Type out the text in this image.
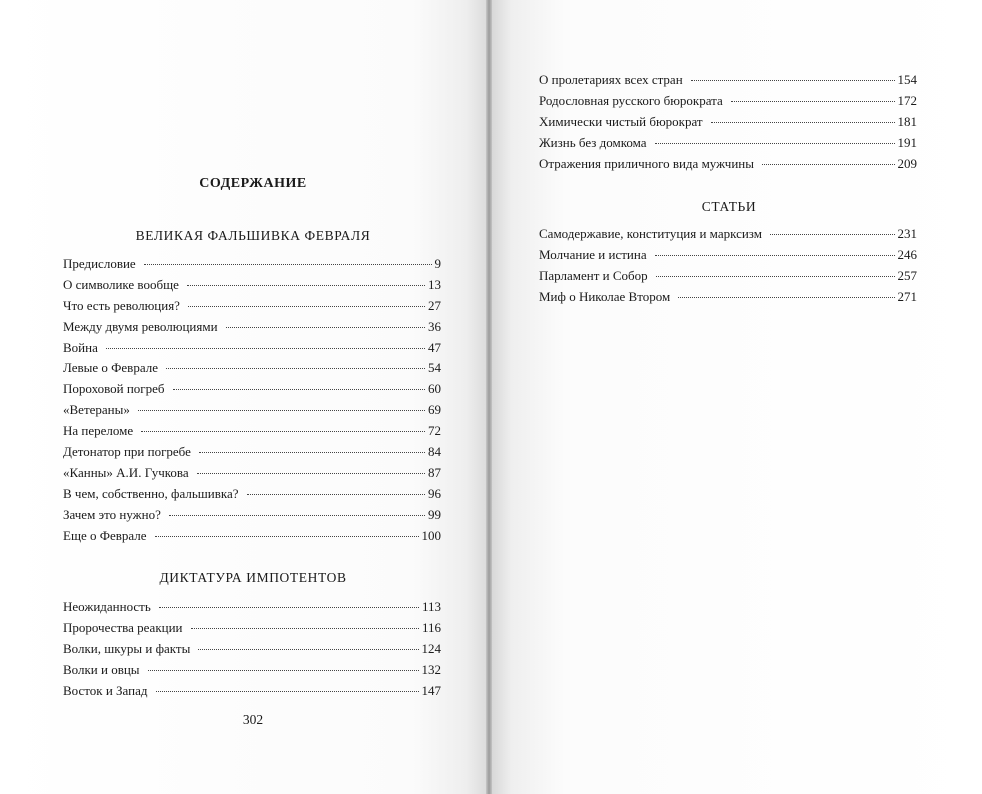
СОДЕРЖАНИЕ
ВЕЛИКАЯ ФАЛЬШИВКА ФЕВРАЛЯ
Предисловие	9
О символике вообще	13
Что есть революция?	27
Между двумя революциями	36
Война	47
Левые о Феврале	54
Пороховой погреб	60
«Ветераны»	69
На переломе	72
Детонатор при погребе	84
«Канны» А.И. Гучкова	87
В чем, собственно, фальшивка?	96
Зачем это нужно?	99
Еще о Феврале	100
ДИКТАТУРА ИМПОТЕНТОВ
Неожиданность	113
Пророчества реакции	116
Волки, шкуры и факты	124
Волки и овцы	132
Восток и Запад	147
302
О пролетариях всех стран	154
Родословная русского бюрократа	172
Химически чистый бюрократ	181
Жизнь без домкома	191
Отражения приличного вида мужчины	209
СТАТЬИ
Самодержавие, конституция и марксизм	231
Молчание и истина	246
Парламент и Собор	257
Миф о Николае Втором	271
